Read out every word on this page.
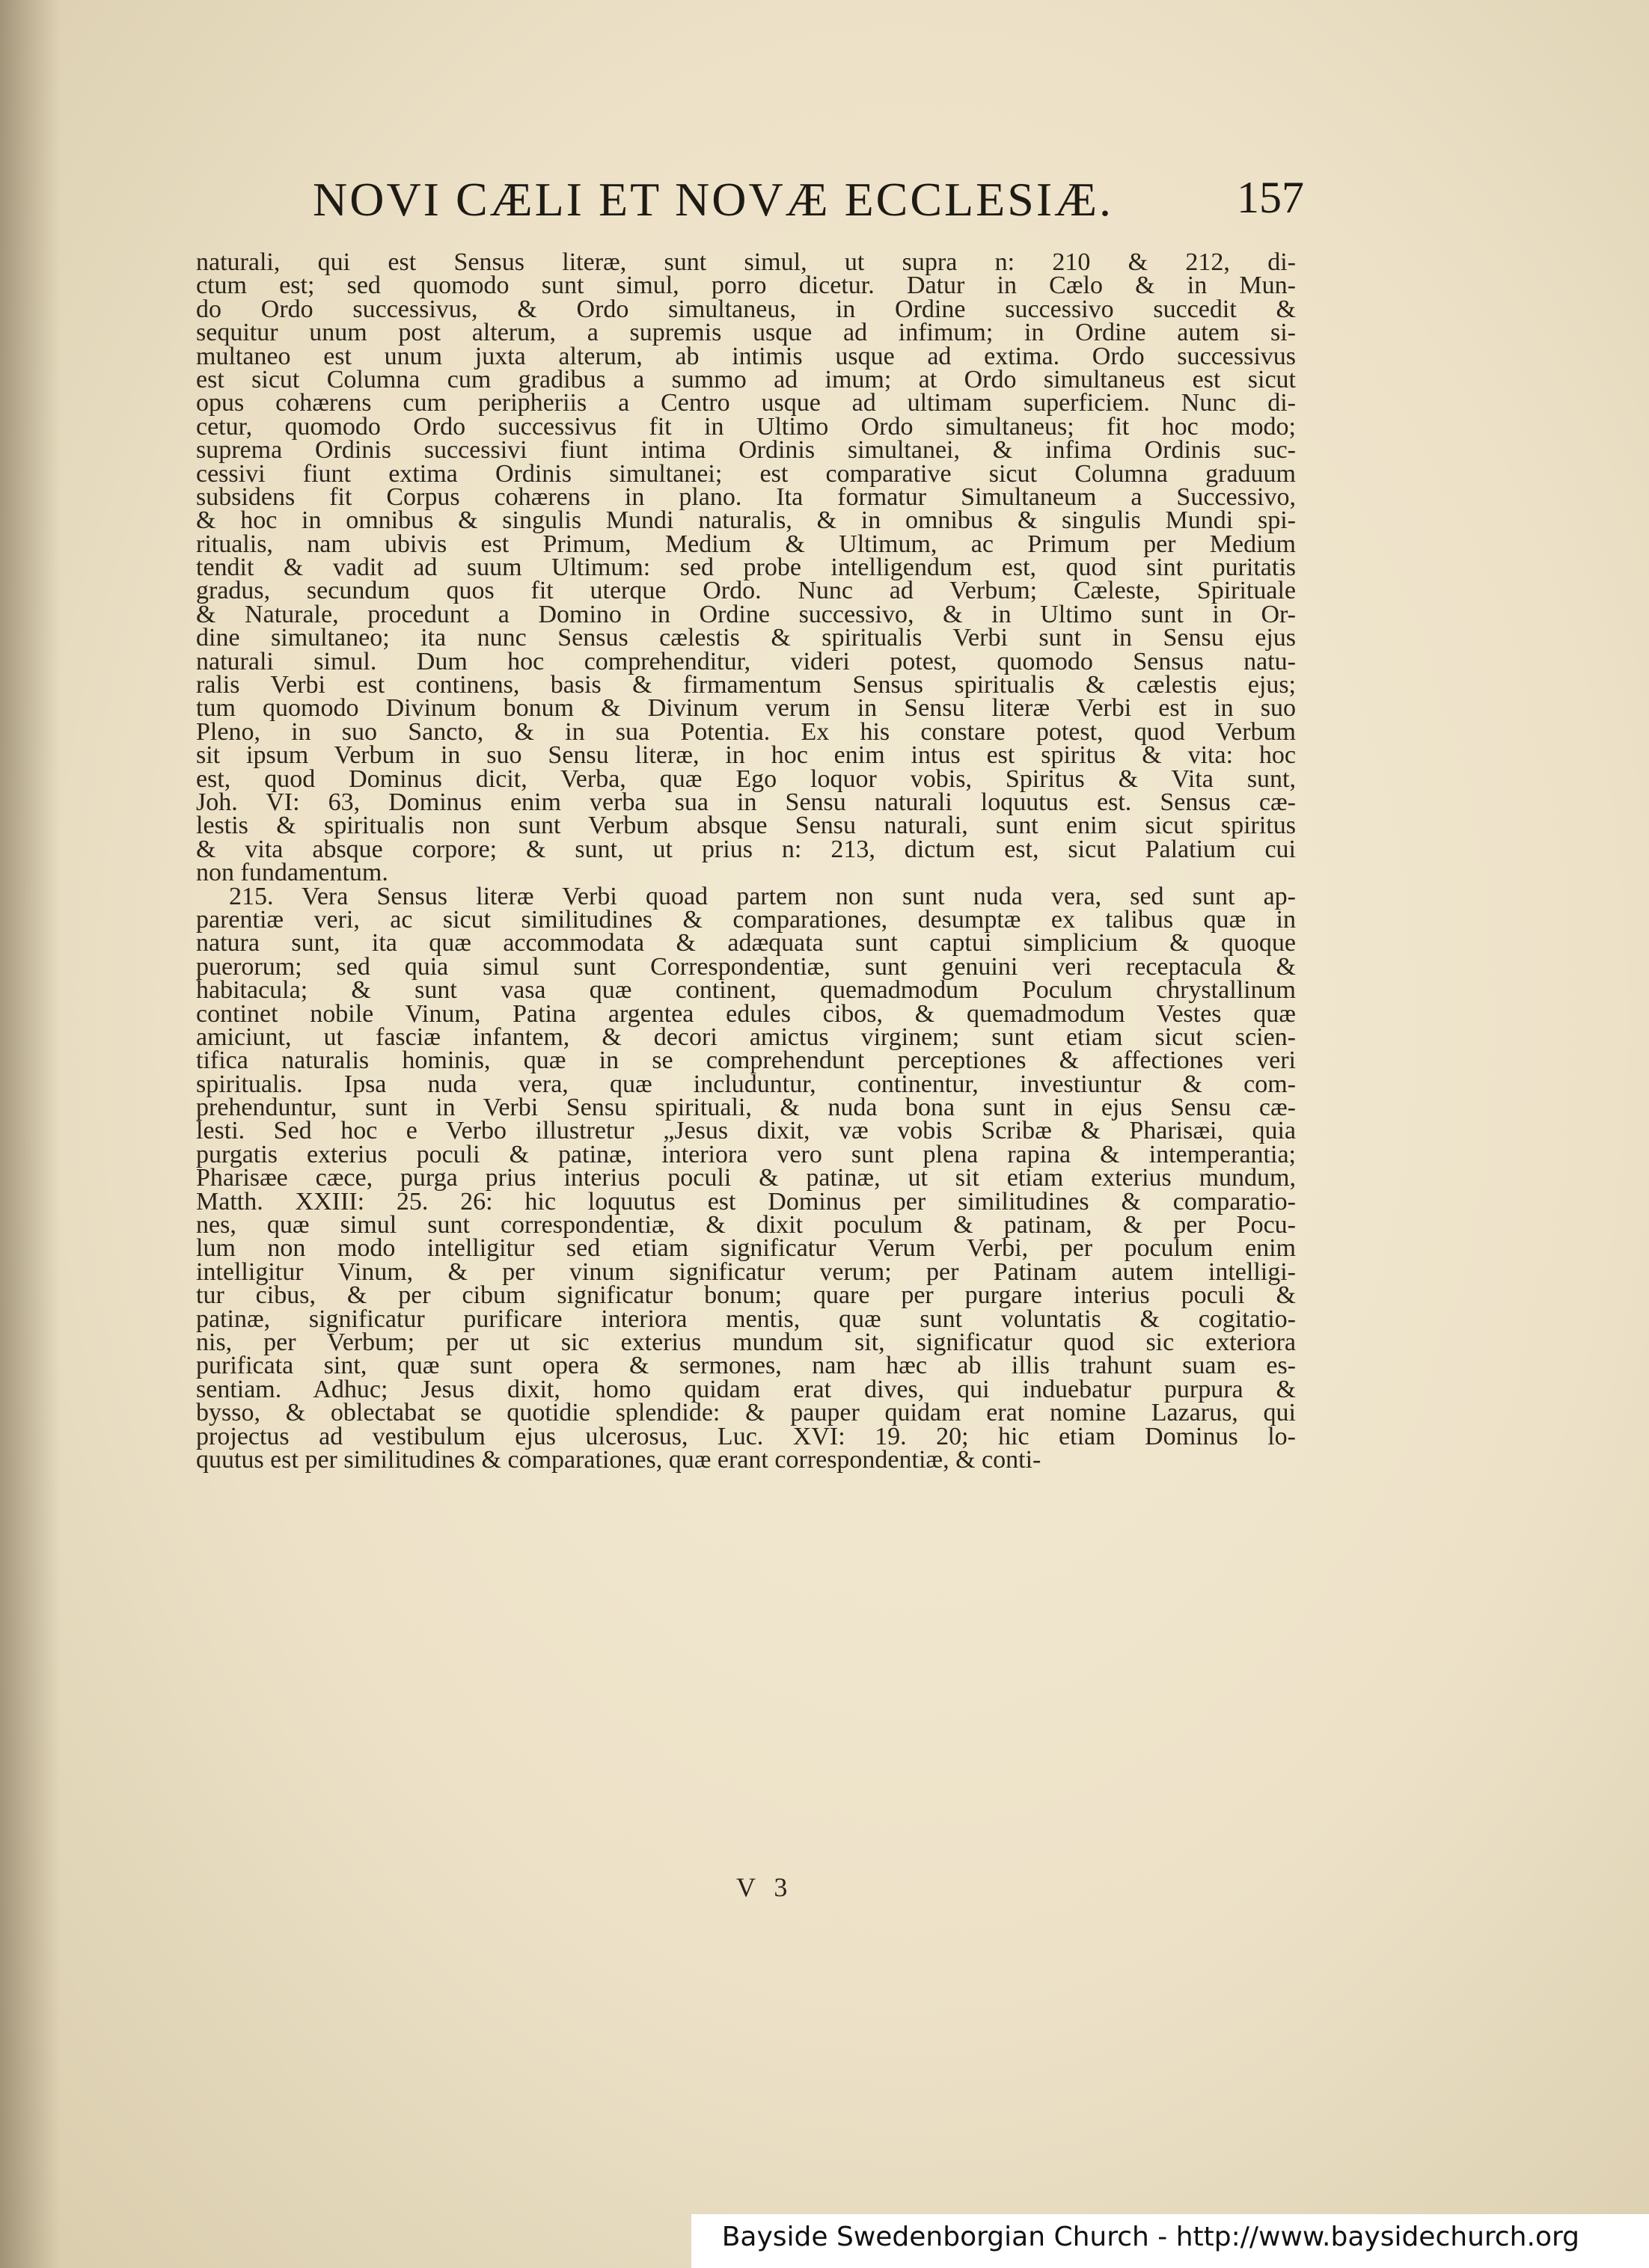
NOVI CÆLI ET NOVÆ ECCLESIÆ.	157
naturali, qui est Sensus literæ, sunt simul, ut supra n: 210 & 212, di-
ctum est; sed quomodo sunt simul, porro dicetur. Datur in Cælo & in Mun-
do Ordo successivus, & Ordo simultaneus, in Ordine successivo succedit &
sequitur unum post alterum, a supremis usque ad infimum; in Ordine autem si-
multaneo est unum juxta alterum, ab intimis usque ad extima. Ordo successivus
est sicut Columna cum gradibus a summo ad imum; at Ordo simultaneus est sicut
opus cohærens cum peripheriis a Centro usque ad ultimam superficiem. Nunc di-
cetur, quomodo Ordo successivus fit in Ultimo Ordo simultaneus; fit hoc modo;
suprema Ordinis successivi fiunt intima Ordinis simultanei, & infima Ordinis suc-
cessivi fiunt extima Ordinis simultanei; est comparative sicut Columna graduum
subsidens fit Corpus cohærens in plano. Ita formatur Simultaneum a Successivo,
& hoc in omnibus & singulis Mundi naturalis, & in omnibus & singulis Mundi spi-
ritualis, nam ubivis est Primum, Medium & Ultimum, ac Primum per Medium
tendit & vadit ad suum Ultimum: sed probe intelligendum est, quod sint puritatis
gradus, secundum quos fit uterque Ordo. Nunc ad Verbum; Cæleste, Spirituale
& Naturale, procedunt a Domino in Ordine successivo, & in Ultimo sunt in Or-
dine simultaneo; ita nunc Sensus cælestis & spiritualis Verbi sunt in Sensu ejus
naturali simul. Dum hoc comprehenditur, videri potest, quomodo Sensus natu-
ralis Verbi est continens, basis & firmamentum Sensus spiritualis & cælestis ejus;
tum quomodo Divinum bonum & Divinum verum in Sensu literæ Verbi est in suo
Pleno, in suo Sancto, & in sua Potentia. Ex his constare potest, quod Verbum
sit ipsum Verbum in suo Sensu literæ, in hoc enim intus est spiritus & vita: hoc
est, quod Dominus dicit, Verba, quæ Ego loquor vobis, Spiritus & Vita sunt,
Joh. VI: 63, Dominus enim verba sua in Sensu naturali loquutus est. Sensus cæ-
lestis & spiritualis non sunt Verbum absque Sensu naturali, sunt enim sicut spiritus
& vita absque corpore; & sunt, ut prius n: 213, dictum est, sicut Palatium cui
non fundamentum.
215. Vera Sensus literæ Verbi quoad partem non sunt nuda vera, sed sunt ap-
parentiæ veri, ac sicut similitudines & comparationes, desumptæ ex talibus quæ in
natura sunt, ita quæ accommodata & adæquata sunt captui simplicium & quoque
puerorum; sed quia simul sunt Correspondentiæ, sunt genuini veri receptacula &
habitacula; & sunt vasa quæ continent, quemadmodum Poculum chrystallinum
continet nobile Vinum, Patina argentea edules cibos, & quemadmodum Vestes quæ
amiciunt, ut fasciæ infantem, & decori amictus virginem; sunt etiam sicut scien-
tifica naturalis hominis, quæ in se comprehendunt perceptiones & affectiones veri
spiritualis. Ipsa nuda vera, quæ includuntur, continentur, investiuntur & com-
prehenduntur, sunt in Verbi Sensu spirituali, & nuda bona sunt in ejus Sensu cæ-
lesti. Sed hoc e Verbo illustretur „Jesus dixit, væ vobis Scribæ & Pharisæi, quia
purgatis exterius poculi & patinæ, interiora vero sunt plena rapina & intemperantia;
Pharisæe cæce, purga prius interius poculi & patinæ, ut sit etiam exterius mundum,
Matth. XXIII: 25. 26: hic loquutus est Dominus per similitudines & comparatio-
nes, quæ simul sunt correspondentiæ, & dixit poculum & patinam, & per Pocu-
lum non modo intelligitur sed etiam significatur Verum Verbi, per poculum enim
intelligitur Vinum, & per vinum significatur verum; per Patinam autem intelligi-
tur cibus, & per cibum significatur bonum; quare per purgare interius poculi &
patinæ, significatur purificare interiora mentis, quæ sunt voluntatis & cogitatio-
nis, per Verbum; per ut sic exterius mundum sit, significatur quod sic exteriora
purificata sint, quæ sunt opera & sermones, nam hæc ab illis trahunt suam es-
sentiam. Adhuc; Jesus dixit, homo quidam erat dives, qui induebatur purpura &
bysso, & oblectabat se quotidie splendide: & pauper quidam erat nomine Lazarus, qui
projectus ad vestibulum ejus ulcerosus, Luc. XVI: 19. 20; hic etiam Dominus lo-
quutus est per similitudines & comparationes, quæ erant correspondentiæ, & conti-
V 3
Bayside Swedenborgian Church - http://www.baysidechurch.org
